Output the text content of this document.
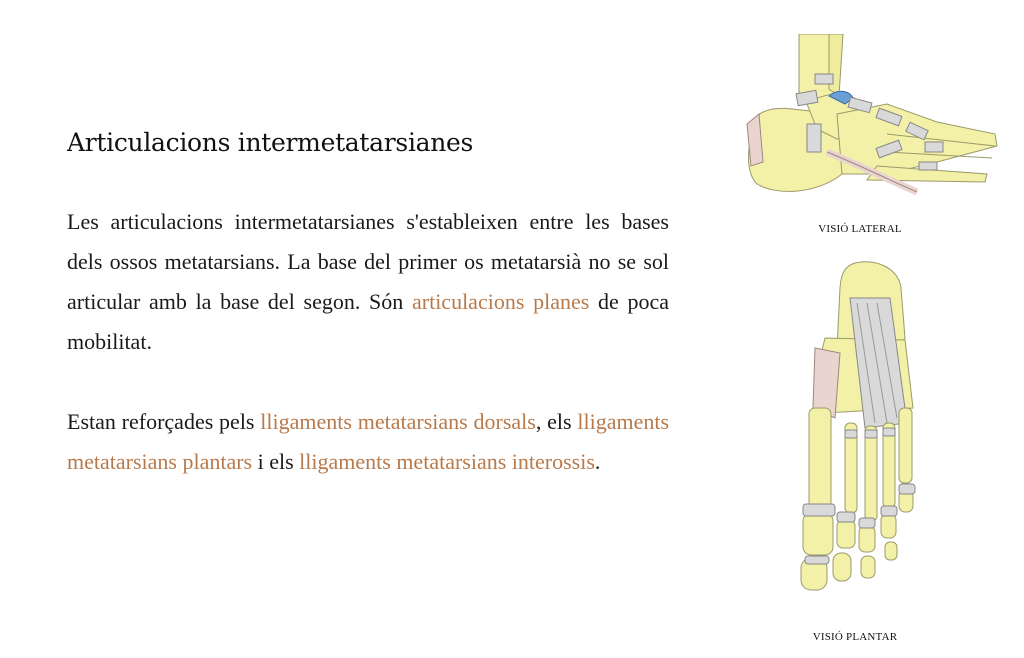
Articulacions intermetatarsianes

Les articulacions intermetatarsianes s'estableixen entre les bases dels ossos metatarsians. La base del primer os metatarsià no se sol articular amb la base del segon. Són articulacions planes de poca mobilitat.

Estan reforçades pels lligaments metatarsians dorsals, els lligaments metatarsians plantars i els lligaments metatarsians interossis.

VISIÓ LATERAL
VISIÓ PLANTAR
